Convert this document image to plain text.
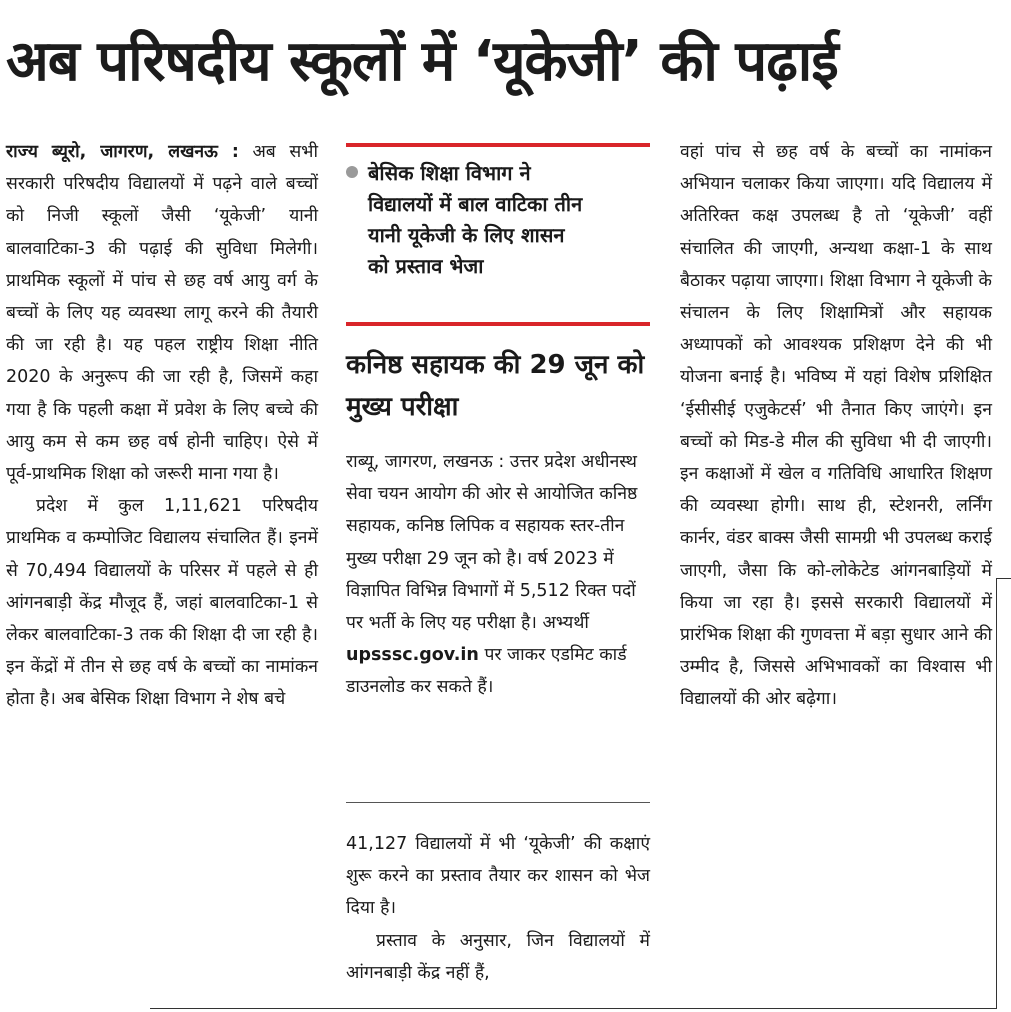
अब परिषदीय स्कूलों में ‘यूकेजी’ की पढ़ाई

राज्य ब्यूरो, जागरण, लखनऊ : अब सभी सरकारी परिषदीय विद्यालयों में पढ़ने वाले बच्चों को निजी स्कूलों जैसी ‘यूकेजी’ यानी बालवाटिका-3 की पढ़ाई की सुविधा मिलेगी। प्राथमिक स्कूलों में पांच से छह वर्ष आयु वर्ग के बच्चों के लिए यह व्यवस्था लागू करने की तैयारी की जा रही है। यह पहल राष्ट्रीय शिक्षा नीति 2020 के अनुरूप की जा रही है, जिसमें कहा गया है कि पहली कक्षा में प्रवेश के लिए बच्चे की आयु कम से कम छह वर्ष होनी चाहिए। ऐसे में पूर्व-प्राथमिक शिक्षा को जरूरी माना गया है।

प्रदेश में कुल 1,11,621 परिषदीय प्राथमिक व कम्पोजिट विद्यालय संचालित हैं। इनमें से 70,494 विद्यालयों के परिसर में पहले से ही आंगनबाड़ी केंद्र मौजूद हैं, जहां बालवाटिका-1 से लेकर बालवाटिका-3 तक की शिक्षा दी जा रही है। इन केंद्रों में तीन से छह वर्ष के बच्चों का नामांकन होता है। अब बेसिक शिक्षा विभाग ने शेष बचे

बेसिक शिक्षा विभाग ने
विद्यालयों में बाल वाटिका तीन
यानी यूकेजी के लिए शासन
को प्रस्ताव भेजा
कनिष्ठ सहायक की 29 जून को मुख्य परीक्षा
राब्यू, जागरण, लखनऊ : उत्तर प्रदेश अधीनस्थ सेवा चयन आयोग की ओर से आयोजित कनिष्ठ सहायक, कनिष्ठ लिपिक व सहायक स्तर-तीन मुख्य परीक्षा 29 जून को है। वर्ष 2023 में विज्ञापित विभिन्न विभागों में 5,512 रिक्त पदों पर भर्ती के लिए यह परीक्षा है। अभ्यर्थी upsssc.gov.in पर जाकर एडमिट कार्ड डाउनलोड कर सकते हैं।

41,127 विद्यालयों में भी ‘यूकेजी’ की कक्षाएं शुरू करने का प्रस्ताव तैयार कर शासन को भेज दिया है।

प्रस्ताव के अनुसार, जिन विद्यालयों में आंगनबाड़ी केंद्र नहीं हैं,

वहां पांच से छह वर्ष के बच्चों का नामांकन अभियान चलाकर किया जाएगा। यदि विद्यालय में अतिरिक्त कक्ष उपलब्ध है तो ‘यूकेजी’ वहीं संचालित की जाएगी, अन्यथा कक्षा-1 के साथ बैठाकर पढ़ाया जाएगा। शिक्षा विभाग ने यूकेजी के संचालन के लिए शिक्षामित्रों और सहायक अध्यापकों को आवश्यक प्रशिक्षण देने की भी योजना बनाई है। भविष्य में यहां विशेष प्रशिक्षित ‘ईसीसीई एजुकेटर्स’ भी तैनात किए जाएंगे। इन बच्चों को मिड-डे मील की सुविधा भी दी जाएगी। इन कक्षाओं में खेल व गतिविधि आधारित शिक्षण की व्यवस्था होगी। साथ ही, स्टेशनरी, लर्निंग कार्नर, वंडर बाक्स जैसी सामग्री भी उपलब्ध कराई जाएगी, जैसा कि को-लोकेटेड आंगनबाड़ियों में किया जा रहा है। इससे सरकारी विद्यालयों में प्रारंभिक शिक्षा की गुणवत्ता में बड़ा सुधार आने की उम्मीद है, जिससे अभिभावकों का विश्वास भी विद्यालयों की ओर बढ़ेगा।
